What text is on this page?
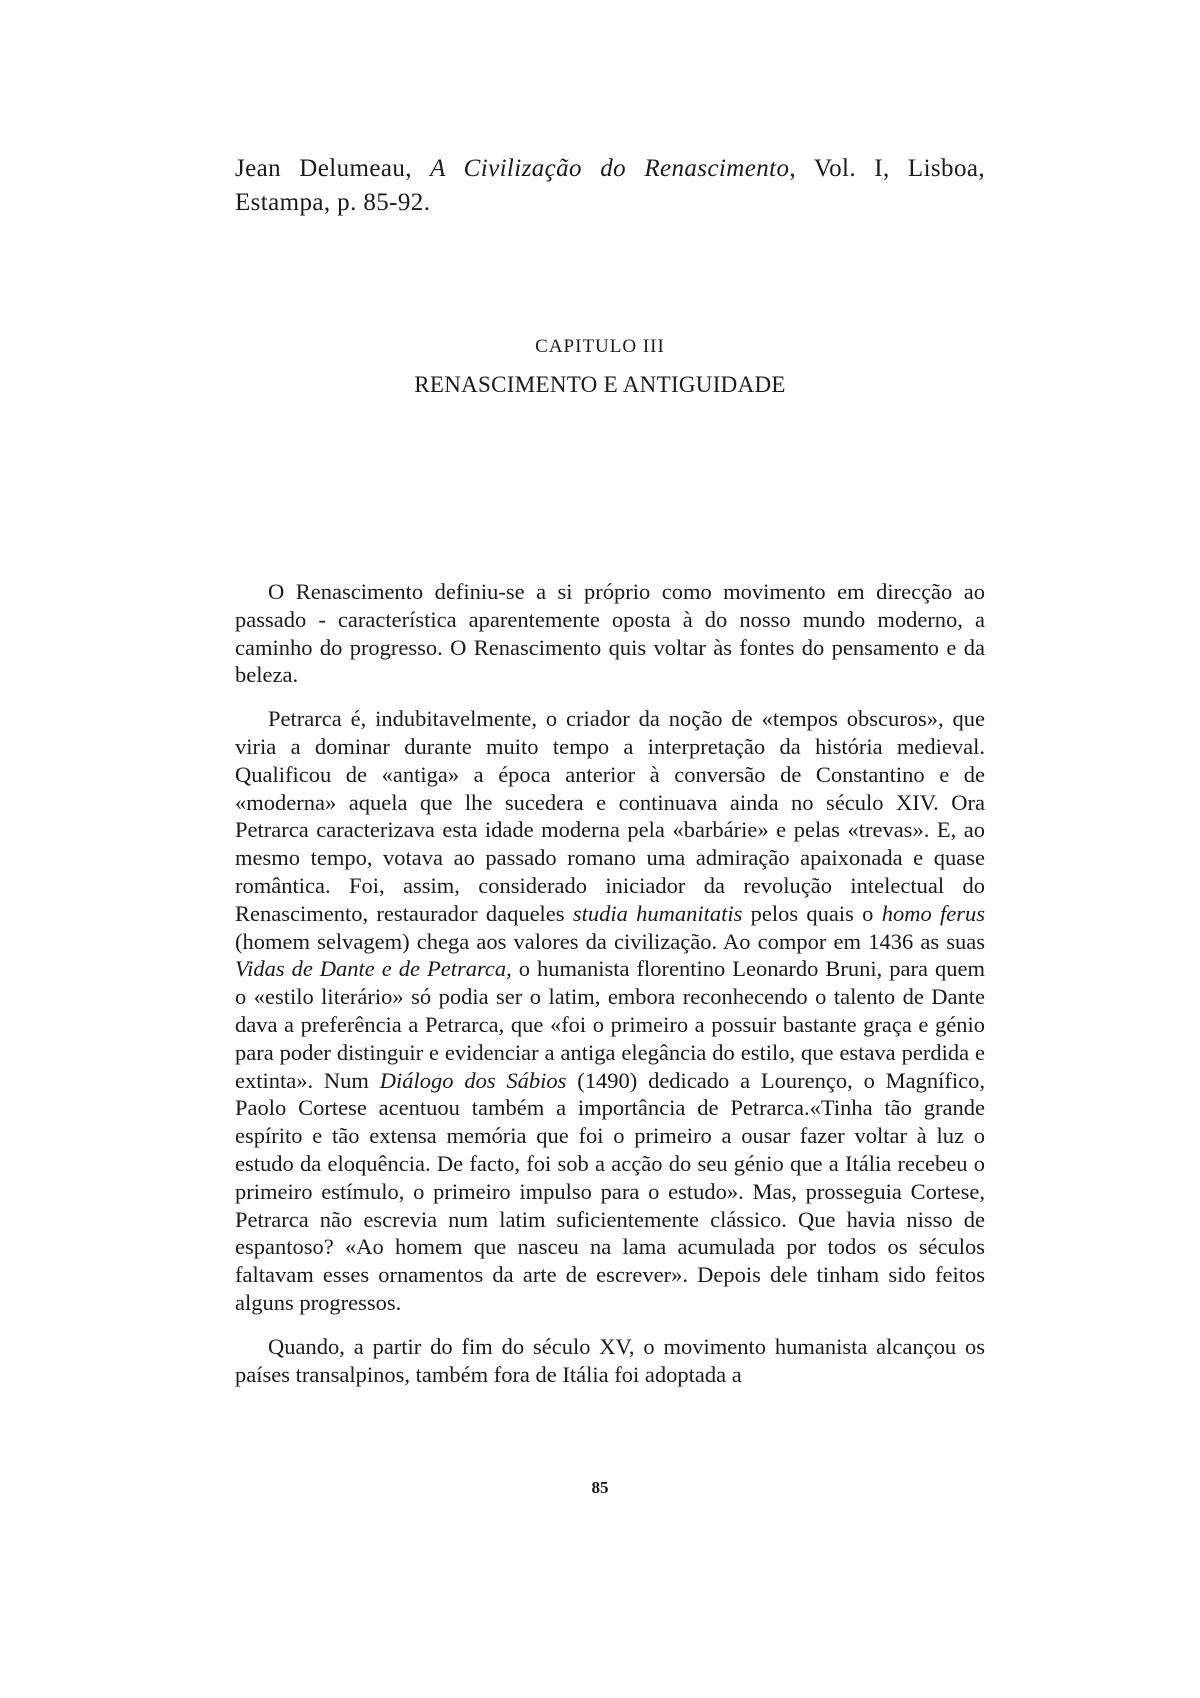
Jean Delumeau, A Civilização do Renascimento, Vol. I, Lisboa, Estampa, p. 85-92.
CAPITULO III
RENASCIMENTO E ANTIGUIDADE

O Renascimento definiu-se a si próprio como movimento em direcção ao passado - característica aparentemente oposta à do nosso mundo moderno, a caminho do progresso. O Renascimento quis voltar às fontes do pensamento e da beleza.

Petrarca é, indubitavelmente, o criador da noção de «tempos obscuros», que viria a dominar durante muito tempo a interpretação da história medieval. Qualificou de «antiga» a época anterior à conversão de Constantino e de «moderna» aquela que lhe sucedera e continuava ainda no século XIV. Ora Petrarca caracterizava esta idade moderna pela «barbárie» e pelas «trevas». E, ao mesmo tempo, votava ao passado romano uma admiração apaixonada e quase romântica. Foi, assim, considerado iniciador da revolução intelectual do Renascimento, restaurador daqueles studia humanitatis pelos quais o homo ferus (homem selvagem) chega aos valores da civilização. Ao compor em 1436 as suas Vidas de Dante e de Petrarca, o humanista florentino Leonardo Bruni, para quem o «estilo literário» só podia ser o latim, embora reconhecendo o talento de Dante dava a preferência a Petrarca, que «foi o primeiro a possuir bastante graça e génio para poder distinguir e evidenciar a antiga elegância do estilo, que estava perdida e extinta». Num Diálogo dos Sábios (1490) dedicado a Lourenço, o Magnífico, Paolo Cortese acentuou também a importância de Petrarca.«Tinha tão grande espírito e tão extensa memória que foi o primeiro a ousar fazer voltar à luz o estudo da eloquência. De facto, foi sob a acção do seu génio que a Itália recebeu o primeiro estímulo, o primeiro impulso para o estudo». Mas, prosseguia Cortese, Petrarca não escrevia num latim suficientemente clássico. Que havia nisso de espantoso? «Ao homem que nasceu na lama acumulada por todos os séculos faltavam esses ornamentos da arte de escrever». Depois dele tinham sido feitos alguns progressos.

Quando, a partir do fim do século XV, o movimento humanista alcançou os países transalpinos, também fora de Itália foi adoptada a

85
